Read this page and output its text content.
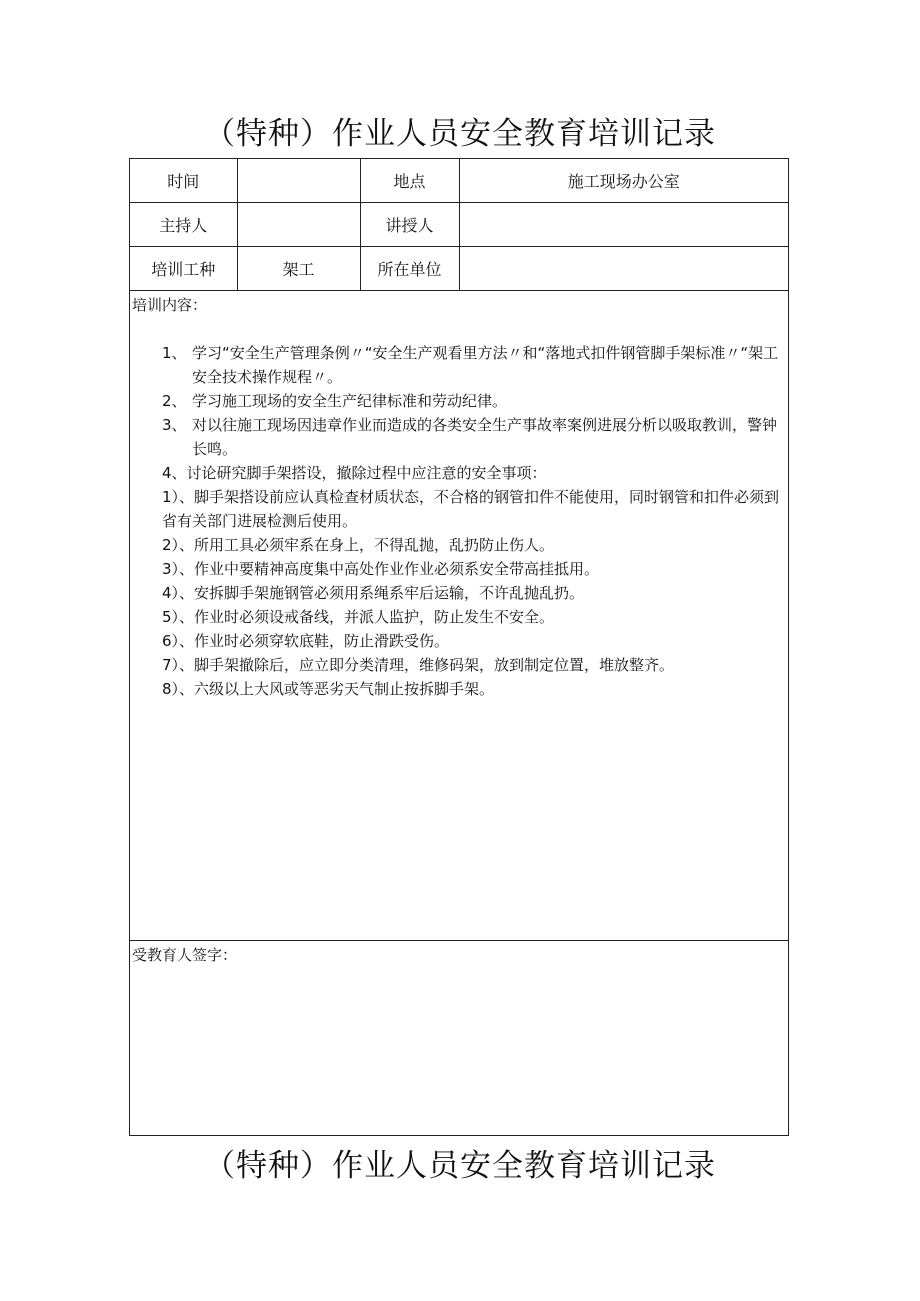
（特种）作业人员安全教育培训记录
时间		地点	施工现场办公室
主持人		讲授人	
培训工种	架工	所在单位	
培训内容：
1、 学习“安全生产管理条例〃“安全生产观看里方法〃和“落地式扣件钢管脚手架标准〃“架工安全技术操作规程〃。
2、 学习施工现场的安全生产纪律标准和劳动纪律。
3、 对以往施工现场因违章作业而造成的各类安全生产事故率案例进展分析以吸取教训，警钟长鸣。
4、讨论研究脚手架搭设，撤除过程中应注意的安全事项：
1）、脚手架搭设前应认真检查材质状态，不合格的钢管扣件不能使用，同时钢管和扣件必须到省有关部门进展检测后使用。
2）、所用工具必须牢系在身上，不得乱抛，乱扔防止伤人。
3）、作业中要精神高度集中高处作业作业必须系安全带高挂抵用。
4）、安拆脚手架施钢管必须用系绳系牢后运输，不许乱抛乱扔。
5）、作业时必须设戒备线，并派人监护，防止发生不安全。
6）、作业时必须穿软底鞋，防止滑跌受伤。
7）、脚手架撤除后，应立即分类清理，维修码架，放到制定位置，堆放整齐。
8）、六级以上大风或等恶劣天气制止按拆脚手架。
受教育人签字：
（特种）作业人员安全教育培训记录
